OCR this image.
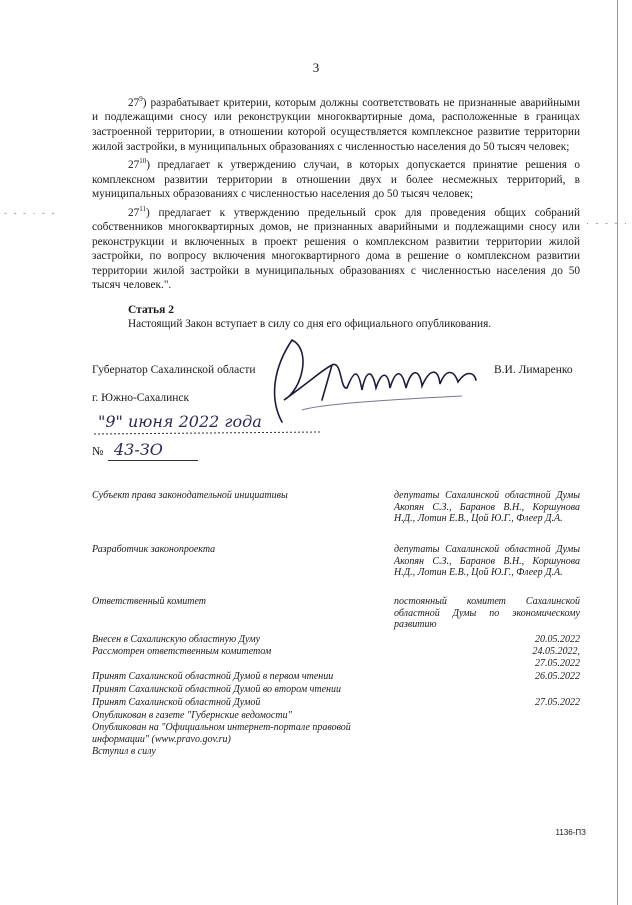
- - - · - -
· - - - ·
3

$27^9$) разрабатывает критерии, которым должны соответствовать не признанные аварийными и подлежащими сносу или реконструкции многоквартирные дома, расположенные в границах застроенной территории, в отношении которой осуществляется комплексное развитие территории жилой застройки, в муниципальных образованиях с численностью населения до 50 тысяч человек;

$27^{10}$) предлагает к утверждению случаи, в которых допускается принятие решения о комплексном развитии территории в отношении двух и более несмежных территорий, в муниципальных образованиях с численностью населения до 50 тысяч человек;

$27^{11}$) предлагает к утверждению предельный срок для проведения общих собраний собственников многоквартирных домов, не признанных аварийными и подлежащими сносу или реконструкции и включенных в проект решения о комплексном развитии территории жилой застройки, по вопросу включения многоквартирного дома в решение о комплексном развитии территории жилой застройки в муниципальных образованиях с численностью населения до 50 тысяч человек.".

Статья 2
Настоящий Закон вступает в силу со дня его официального опубликования.
Губернатор Сахалинской области	В.И. Лимаренко
г. Южно-Сахалинск
"9" июня 2022 года
№ 43-ЗО
Субъект права законодательной инициативы	депутаты Сахалинской областной Думы Акопян С.З., Баранов В.Н., Коршунова Н.Д., Лотин Е.В., Цой Ю.Г., Флеер Д.А.
Разработчик законопроекта	депутаты Сахалинской областной Думы Акопян С.З., Баранов В.Н., Коршунова Н.Д., Лотин Е.В., Цой Ю.Г., Флеер Д.А.
Ответственный комитет	постоянный комитет Сахалинской областной Думы по экономическому развитию
Внесен в Сахалинскую областную Думу	20.05.2022
Рассмотрен ответственным комитетом	24.05.2022,
27.05.2022
Принят Сахалинской областной Думой в первом чтении	26.05.2022
Принят Сахалинской областной Думой во втором чтении
Принят Сахалинской областной Думой	27.05.2022
Опубликован в газете "Губернские ведомости"
Опубликован на "Официальном интернет-портале правовой информации" (www.pravo.gov.ru)
Вступил в силу
1136-ПЗ
